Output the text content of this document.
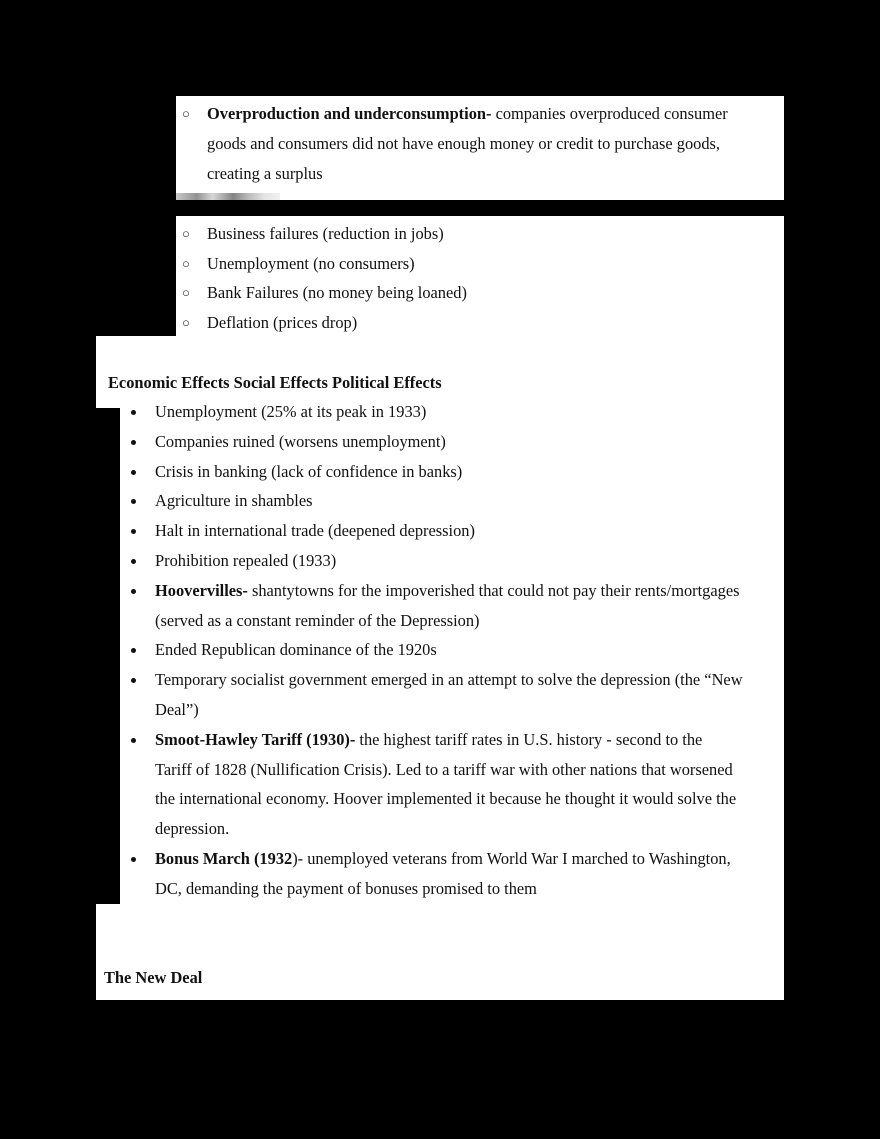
○ Overproduction and underconsumption- companies overproduced consumer
goods and consumers did not have enough money or credit to purchase goods,
creating a surplus
○ Business failures (reduction in jobs)
○ Unemployment (no consumers)
○ Bank Failures (no money being loaned)
○ Deflation (prices drop)
Economic Effects Social Effects Political Effects
Unemployment (25% at its peak in 1933)
Companies ruined (worsens unemployment)
Crisis in banking (lack of confidence in banks)
Agriculture in shambles
Halt in international trade (deepened depression)
Prohibition repealed (1933)
Hoovervilles- shantytowns for the impoverished that could not pay their rents/mortgages
(served as a constant reminder of the Depression)
Ended Republican dominance of the 1920s
Temporary socialist government emerged in an attempt to solve the depression (the “New
Deal”)
Smoot-Hawley Tariff (1930)- the highest tariff rates in U.S. history - second to the
Tariff of 1828 (Nullification Crisis). Led to a tariff war with other nations that worsened
the international economy. Hoover implemented it because he thought it would solve the
depression.
Bonus March (1932)- unemployed veterans from World War I marched to Washington,
DC, demanding the payment of bonuses promised to them
The New Deal
